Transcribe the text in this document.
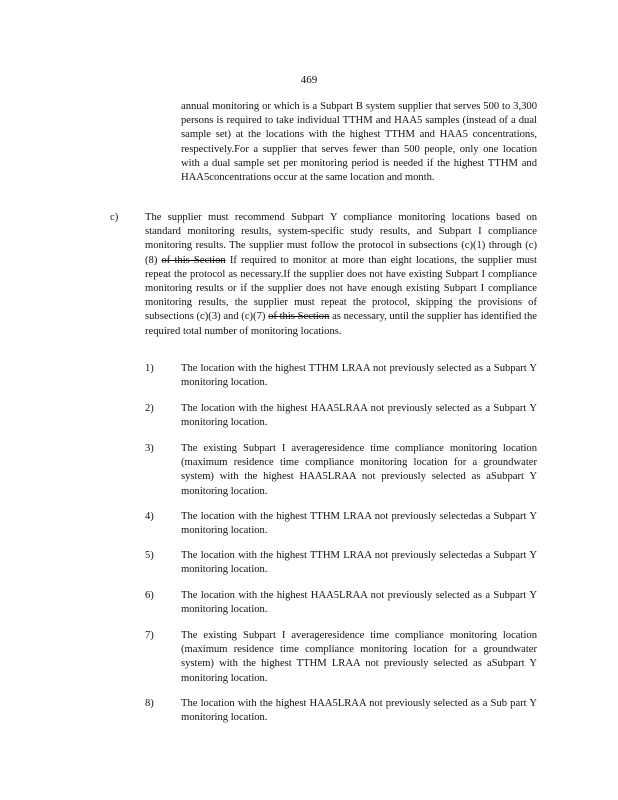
469
annual monitoring or which is a Subpart B system supplier that serves 500 to 3,300 persons is required to take individual TTHM and HAA5 samples (instead of a dual sample set) at the locations with the highest TTHM and HAA5 concentrations, respectively.For a supplier that serves fewer than 500 people, only one location with a dual sample set per monitoring period is needed if the highest TTHM and HAA5concentrations occur at the same location and month.
c)	The supplier must recommend Subpart Y compliance monitoring locations based on standard monitoring results, system-specific study results, and Subpart I compliance monitoring results. The supplier must follow the protocol in subsections (c)(1) through (c)(8) of this Section If required to monitor at more than eight locations, the supplier must repeat the protocol as necessary.If the supplier does not have existing Subpart I compliance monitoring results or if the supplier does not have enough existing Subpart I compliance monitoring results, the supplier must repeat the protocol, skipping the provisions of subsections (c)(3) and (c)(7) of this Section as necessary, until the supplier has identified the required total number of monitoring locations.
1)	The location with the highest TTHM LRAA not previously selected as a Subpart Y monitoring location.
2)	The location with the highest HAA5LRAA not previously selected as a Subpart Y monitoring location.
3)	The existing Subpart I averageresidence time compliance monitoring location (maximum residence time compliance monitoring location for a groundwater system) with the highest HAA5LRAA not previously selected as aSubpart Y monitoring location.
4)	The location with the highest TTHM LRAA not previously selectedas a Subpart Y monitoring location.
5)	The location with the highest TTHM LRAA not previously selectedas a Subpart Y monitoring location.
6)	The location with the highest HAA5LRAA not previously selected as a Subpart Y monitoring location.
7)	The existing Subpart I averageresidence time compliance monitoring location (maximum residence time compliance monitoring location for a groundwater system) with the highest TTHM LRAA not previously selected as aSubpart Y monitoring location.
8)	The location with the highest HAA5LRAA not previously selected as a Sub part Y monitoring location.
